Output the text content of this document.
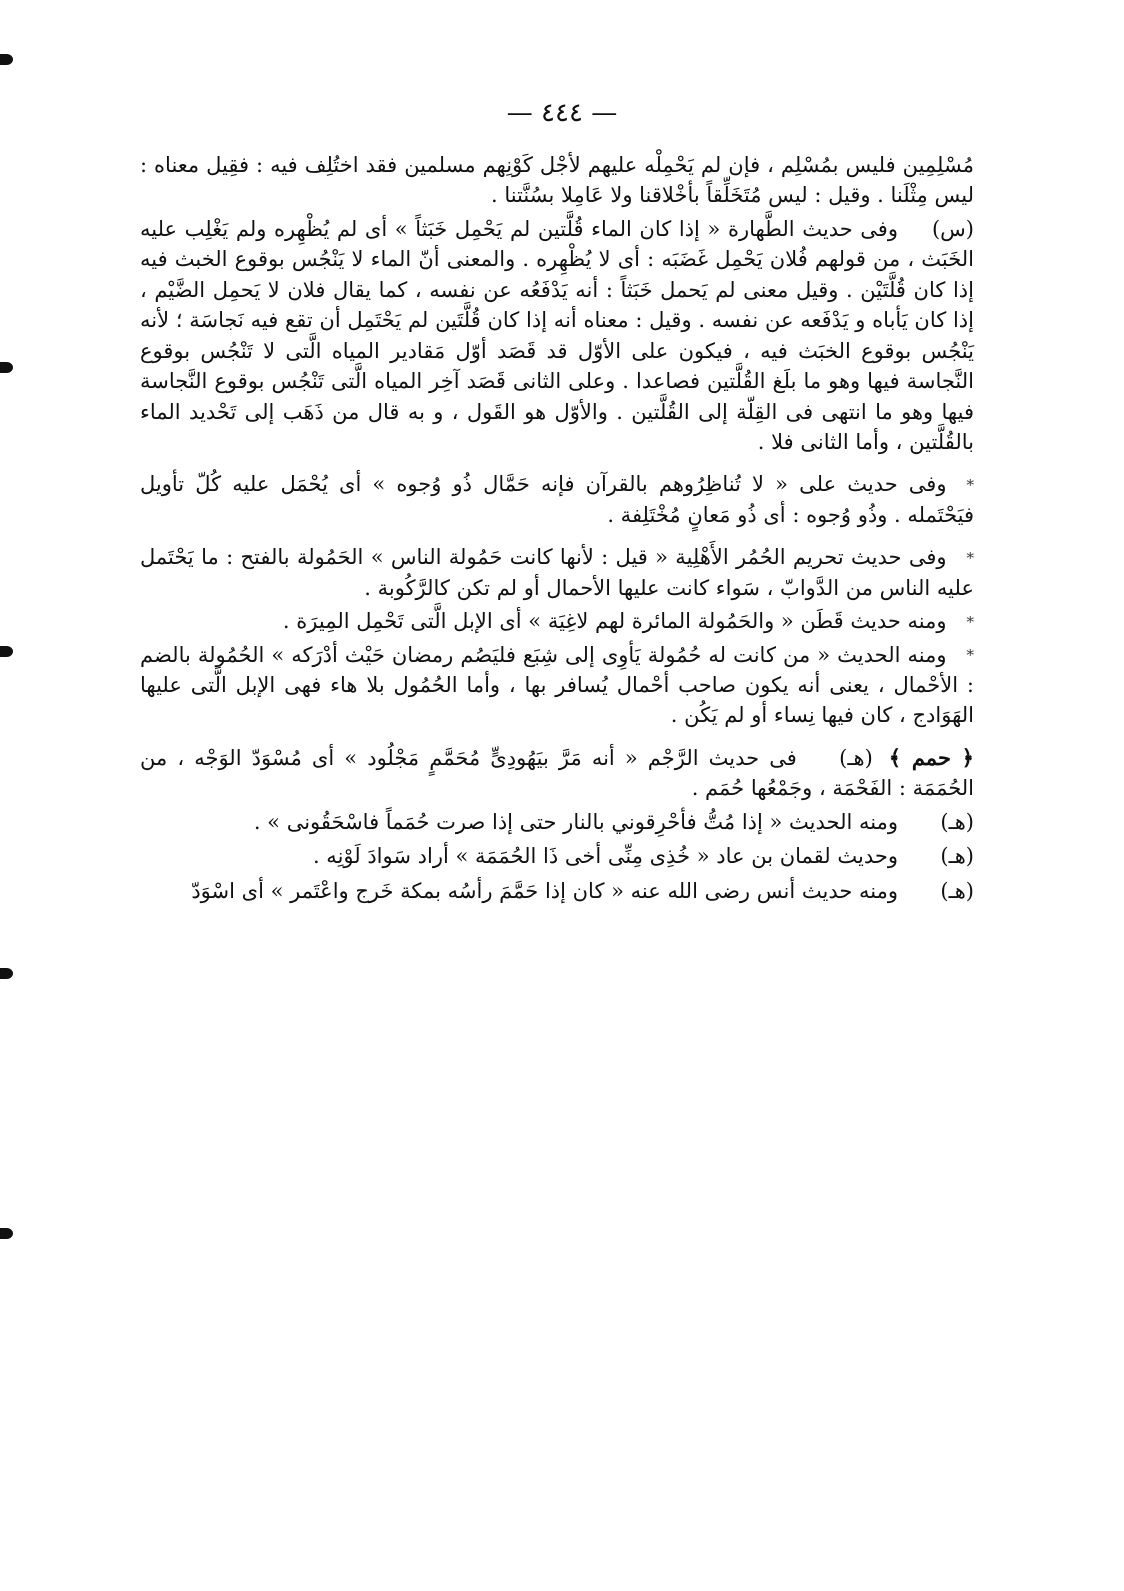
— ٤٤٤ —

مُسْلِمِين فليس بمُسْلِم ، فإن لم يَحْمِلْه عليهم لأجْل كَوْنِهم مسلمين فقد اختُلِف فيه : فقِيل معناه : ليس مِثْلَنا . وقيل : ليس مُتَخَلِّقاً بأخْلاقنا ولا عَامِلا بسُنَّتنا .

(س)وفى حديث الطَّهارة « إذا كان الماء قُلَّتين لم يَحْمِل خَبَثاً » أى لم يُظْهِره ولم يَغْلِب عليه الخَبَث ، من قولهم فُلان يَحْمِل غَضَبَه : أى لا يُظْهِره . والمعنى أنّ الماء لا يَنْجُس بوقوع الخبث فيه إذا كان قُلَّتَيْن . وقيل معنى لم يَحمل خَبَثاً : أنه يَدْفَعُه عن نفسه ، كما يقال فلان لا يَحمِل الضَّيْم ، إذا كان يَأباه و يَدْفَعه عن نفسه . وقيل : معناه أنه إذا كان قُلَّتَين لم يَحْتَمِل أن تقع فيه نَجاسَة ؛ لأنه يَنْجُس بوقوع الخبَث فيه ، فيكون على الأوّل قد قَصَد أوّل مَقادير المياه الَّتى لا تَنْجُس بوقوع النَّجاسة فيها وهو ما بلَغ القُلَّتين فصاعدا . وعلى الثانى قَصَد آخِر المياه الَّتى تَنْجُس بوقوع النَّجاسة فيها وهو ما انتهى فى القِلّة إلى القُلَّتين . والأوّل هو القَول ، و به قال من ذَهَب إلى تَحْديد الماء بالقُلَّتين ، وأما الثانى فلا .

*وفى حديث على « لا تُناظِرُوهم بالقرآن فإنه حَمَّال ذُو وُجوه » أى يُحْمَل عليه كُلّ تأويل فيَحْتَمله . وذُو وُجوه : أى ذُو مَعانٍ مُخْتَلِفة .

*وفى حديث تحريم الحُمُر الأَهْلِية « قيل : لأنها كانت حَمُولة الناس » الحَمُولة بالفتح : ما يَحْتَمل عليه الناس من الدَّوابّ ، سَواء كانت عليها الأحمال أو لم تكن كالرَّكُوبة .

*ومنه حديث قَطَن « والحَمُولة المائرة لهم لاغِيَة » أى الإبل الَّتى تَحْمِل المِيرَة .

*ومنه الحديث « من كانت له حُمُولة يَأوِى إلى شِبَع فليَصُم رمضان حَيْث أدْرَكه » الحُمُولة بالضم : الأحْمال ، يعنى أنه يكون صاحب أحْمال يُسافر بها ، وأما الحُمُول بلا هاء فهى الإبل الَّتى عليها الهَوَادج ، كان فيها نِساء أو لم يَكُن .

﴿ حمم ﴾(هـ)فى حديث الرَّجْم « أنه مَرَّ بيَهُودِىٍّ مُحَمَّمٍ مَجْلُود » أى مُسْوَدّ الوَجْه ، من الحُمَمَة : الفَحْمَة ، وجَمْعُها حُمَم .

(هـ)ومنه الحديث « إذا مُتُّ فأحْرِقوني بالنار حتى إذا صرت حُمَماً فاسْحَقُونى » .

(هـ)وحديث لقمان بن عاد « خُذِى مِنِّى أخى ذَا الحُمَمَة » أراد سَوادَ لَوْنِه .

(هـ)ومنه حديث أنس رضى الله عنه « كان إذا حَمَّمَ رأسُه بمكة خَرج واعْتَمر » أى اسْوَدّ
